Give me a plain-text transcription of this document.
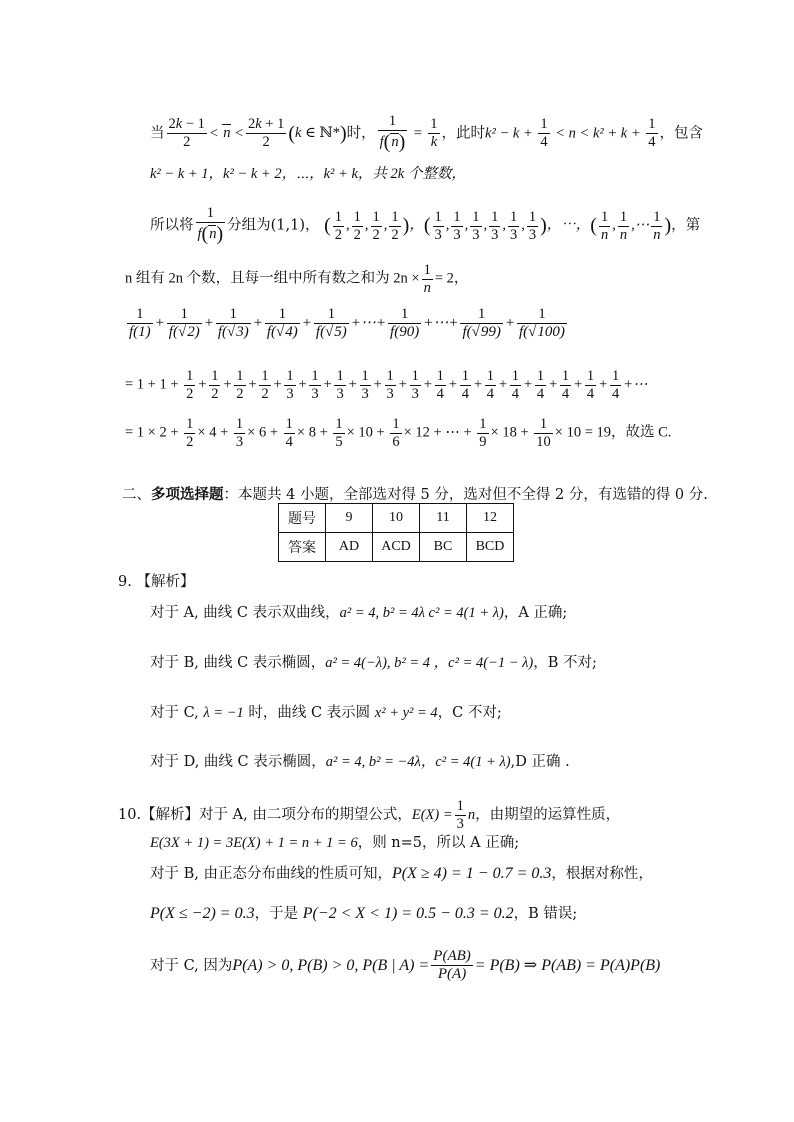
当 $\frac{2k - 1}{2} < n < \frac{2k + 1}{2} (k$ ∈ ℕ*)时， $\frac{1}{f(n)} = \frac{1}{k}$ ，此时$k^2 - k + \frac{1}{4} < n < k^2 + k + \frac{1}{4}$ ，包含
k² − k + 1，k² − k + 2，⋯，k² + k，共 2k 个整数，
所以将 $\frac{1}{f(n)}$ 分组为(1,1)， ( $\frac{1}{2}$ , $\frac{1}{2}$ , $\frac{1}{2}$ , $\frac{1}{2}$ )，( $\frac{1}{3}$ , $\frac{1}{3}$ , $\frac{1}{3}$ , $\frac{1}{3}$ , $\frac{1}{3}$ , $\frac{1}{3}$ )，⋯，( $\frac{1}{n}$ , $\frac{1}{n}$ ,⋯ $\frac{1}{n}$ )，第
n 组有 2n 个数，且每一组中所有数之和为 $2n \times \frac{1}{n} = 2$，
$\frac{1}{f(1)} + \frac{1}{f(√2)} + \frac{1}{f(√3)} + \frac{1}{f(√4)} + \frac{1}{f(√5)}$ +⋯+ $\frac{1}{f(90)}$ +⋯+ $\frac{1}{f(√99)} + \frac{1}{f(√100)}$
= $1 + 1 + \frac{1}{2} + \frac{1}{2} + \frac{1}{2} + \frac{1}{2} + \frac{1}{3} + \frac{1}{3} + \frac{1}{3} + \frac{1}{3} + \frac{1}{3} + \frac{1}{3} + \frac{1}{4} + \frac{1}{4} + \frac{1}{4} + \frac{1}{4} + \frac{1}{4} + \frac{1}{4} + \frac{1}{4} + \frac{1}{4}$ +⋯
= $1 \times 2 + \frac{1}{2} \times 4 + \frac{1}{3} \times 6 + \frac{1}{4} \times 8 + \frac{1}{5} \times 10 + \frac{1}{6} \times 12$ + ⋯ + $\frac{1}{9} \times 18 + \frac{1}{10} \times 10 = 19$，故选 C.
二、多项选择题：本题共 4 小题，全部选对得 5 分，选对但不全得 2 分，有选错的得 0 分.
题号	9	10	11	12
答案	AD	ACD	BC	BCD
9. 【解析】
对于 A, 曲线 C 表示双曲线，a² = 4, b² = 4λ c² = 4(1 + λ)，A 正确;
对于 B, 曲线 C 表示椭圆，a² = 4(−λ), b² = 4 ，c² = 4(−1 − λ)，B 不对;
对于 C, λ = −1 时，曲线 C 表示圆 x² + y² = 4，C 不对;
对于 D, 曲线 C 表示椭圆，a² = 4, b² = −4λ，c² = 4(1 + λ),D 正确 .
10.【解析】对于 A, 由二项分布的期望公式，$E(X) = \frac{1}{3}$ n，由期望的运算性质，
E(3X + 1) = 3E(X) + 1 = n + 1 = 6，则 n=5，所以 A 正确;
对于 B, 由正态分布曲线的性质可知，P(X ≥ 4) = 1 − 0.7 = 0.3，根据对称性，
P(X ≤ −2) = 0.3，于是 P(−2 < X < 1) = 0.5 − 0.3 = 0.2，B 错误;
对于 C, 因为P(A) > 0, P(B) > 0, P(B | $A) = \frac{P(AB)}{P(A)} = P(B)$ ⇒ P(AB) = P(A)P(B)
